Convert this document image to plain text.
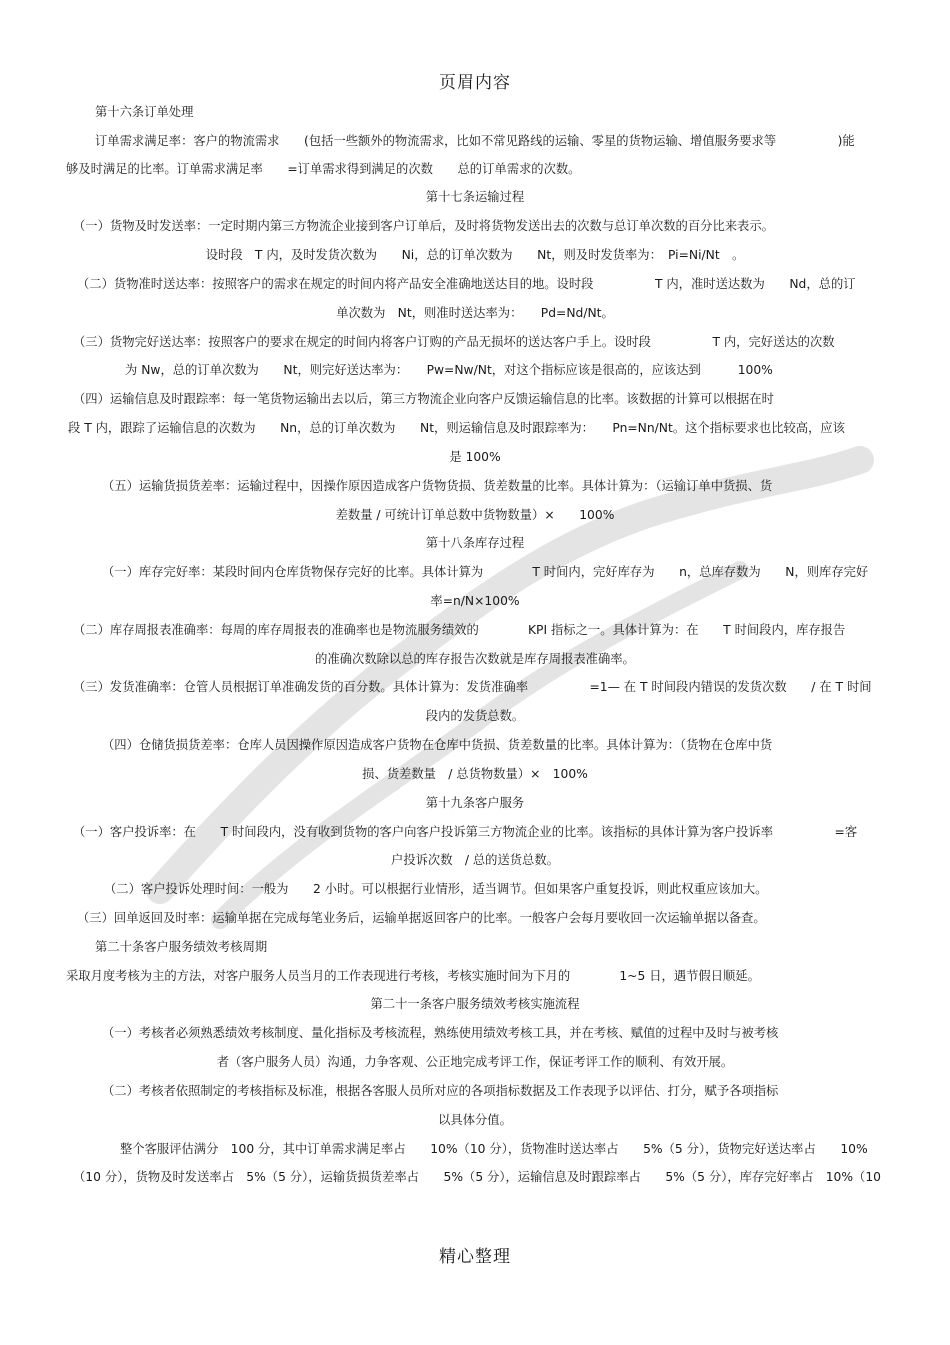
页眉内容
第十六条订单处理
订单需求满足率：客户的物流需求　　(包括一些额外的物流需求，比如不常见路线的运输、零星的货物运输、增值服务要求等　　　　　)能
够及时满足的比率。订单需求满足率　　=订单需求得到满足的次数　　总的订单需求的次数。
第十七条运输过程
（一）货物及时发送率：一定时期内第三方物流企业接到客户订单后，及时将货物发送出去的次数与总订单次数的百分比来表示。
设时段　T 内，及时发货次数为　　Ni，总的订单次数为　　Nt，则及时发货率为：　Pi=Ni/Nt　。
（二）货物准时送达率：按照客户的需求在规定的时间内将产品安全准确地送达目的地。设时段　　　　　T 内，准时送达数为　　Nd，总的订
单次数为　Nt，则准时送达率为：　　Pd=Nd/Nt。
（三）货物完好送达率：按照客户的要求在规定的时间内将客户订购的产品无损坏的送达客户手上。设时段　　　　　T 内，完好送达的次数
为 Nw，总的订单次数为　　Nt，则完好送达率为：　　Pw=Nw/Nt，对这个指标应该是很高的，应该达到　　　100%
（四）运输信息及时跟踪率：每一笔货物运输出去以后，第三方物流企业向客户反馈运输信息的比率。该数据的计算可以根据在时
段 T 内，跟踪了运输信息的次数为　　Nn，总的订单次数为　　Nt，则运输信息及时跟踪率为：　　Pn=Nn/Nt。这个指标要求也比较高，应该
是 100%
（五）运输货损货差率：运输过程中，因操作原因造成客户货物货损、货差数量的比率。具体计算为：（运输订单中货损、货
差数量 / 可统计订单总数中货物数量）×　　100%
第十八条库存过程
（一）库存完好率：某段时间内仓库货物保存完好的比率。具体计算为　　　　T 时间内，完好库存为　　n，总库存数为　　N，则库存完好
率=n/N×100%
（二）库存周报表准确率：每周的库存周报表的准确率也是物流服务绩效的　　　　KPI 指标之一。具体计算为：在　　T 时间段内，库存报告
的准确次数除以总的库存报告次数就是库存周报表准确率。
（三）发货准确率：仓管人员根据订单准确发货的百分数。具体计算为：发货准确率　　　　　=1— 在 T 时间段内错误的发货次数　　/ 在 T 时间
段内的发货总数。
（四）仓储货损货差率：仓库人员因操作原因造成客户货物在仓库中货损、货差数量的比率。具体计算为：（货物在仓库中货
损、货差数量　/ 总货物数量）×　100%
第十九条客户服务
（一）客户投诉率：在　　T 时间段内，没有收到货物的客户向客户投诉第三方物流企业的比率。该指标的具体计算为客户投诉率　　　　　=客
户投诉次数　/ 总的送货总数。
（二）客户投诉处理时间：一般为　　2 小时。可以根据行业情形，适当调节。但如果客户重复投诉，则此权重应该加大。
（三）回单返回及时率：运输单据在完成每笔业务后，运输单据返回客户的比率。一般客户会每月要收回一次运输单据以备查。
第二十条客户服务绩效考核周期
采取月度考核为主的方法，对客户服务人员当月的工作表现进行考核，考核实施时间为下月的　　　　1~5 日，遇节假日顺延。
第二十一条客户服务绩效考核实施流程
（一）考核者必须熟悉绩效考核制度、量化指标及考核流程，熟练使用绩效考核工具，并在考核、赋值的过程中及时与被考核
者（客户服务人员）沟通，力争客观、公正地完成考评工作，保证考评工作的顺利、有效开展。
（二）考核者依照制定的考核指标及标准，根据各客服人员所对应的各项指标数据及工作表现予以评估、打分，赋予各项指标
以具体分值。
整个客服评估满分　100 分，其中订单需求满足率占　　10%（10 分），货物准时送达率占　　5%（5 分），货物完好送达率占　　10%
（10 分），货物及时发送率占　5%（5 分），运输货损货差率占　　5%（5 分），运输信息及时跟踪率占　　5%（5 分），库存完好率占　10%（10
精心整理
